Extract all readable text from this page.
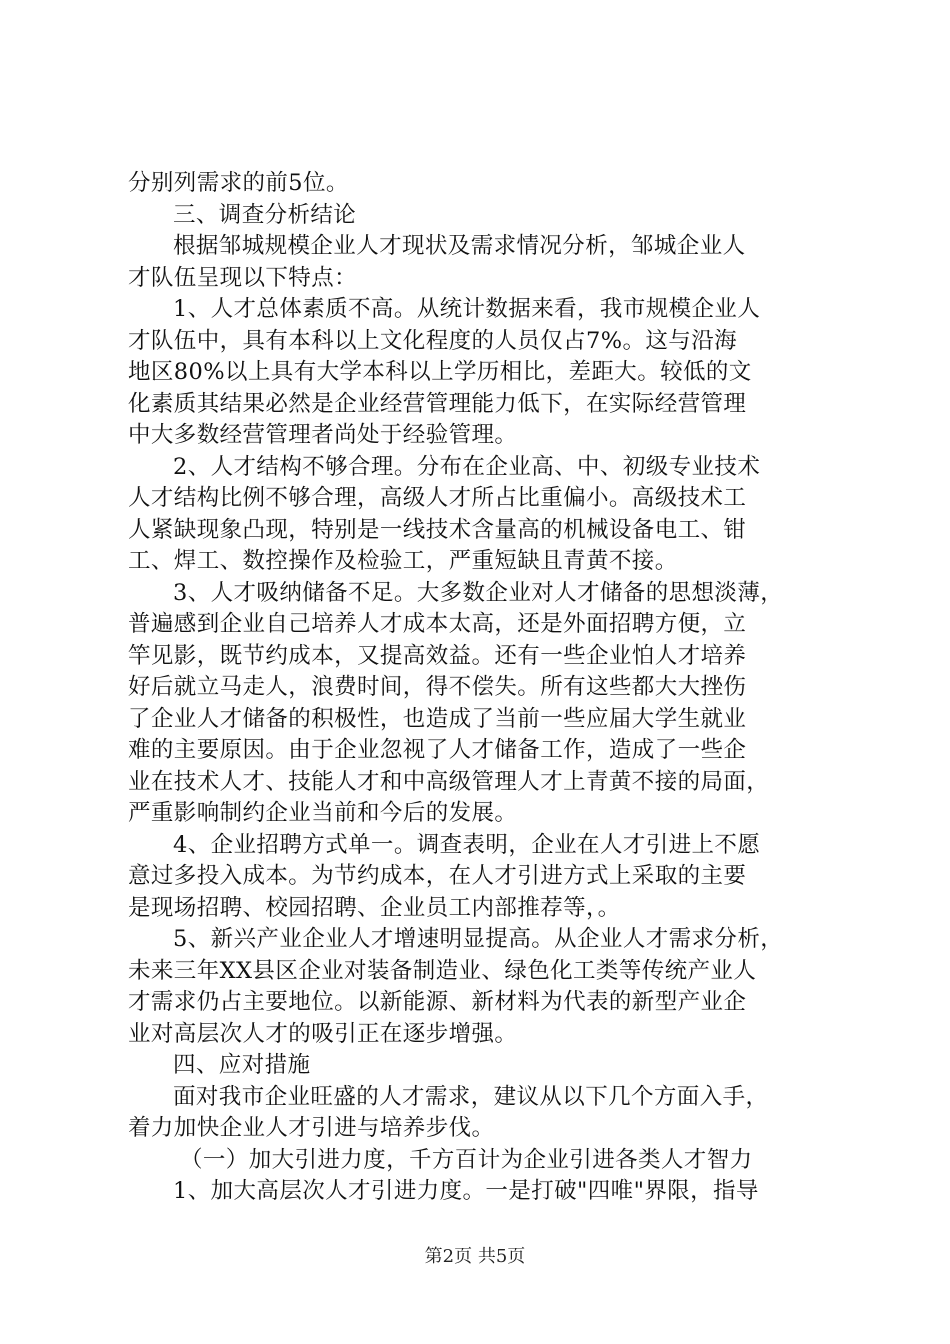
分别列需求的前5位。
三、调查分析结论
根据邹城规模企业人才现状及需求情况分析，邹城企业人
才队伍呈现以下特点：
1、人才总体素质不高。从统计数据来看，我市规模企业人
才队伍中，具有本科以上文化程度的人员仅占7%。这与沿海
地区80%以上具有大学本科以上学历相比，差距大。较低的文
化素质其结果必然是企业经营管理能力低下，在实际经营管理
中大多数经营管理者尚处于经验管理。
2、人才结构不够合理。分布在企业高、中、初级专业技术
人才结构比例不够合理，高级人才所占比重偏小。高级技术工
人紧缺现象凸现，特别是一线技术含量高的机械设备电工、钳
工、焊工、数控操作及检验工，严重短缺且青黄不接。
3、人才吸纳储备不足。大多数企业对人才储备的思想淡薄，
普遍感到企业自己培养人才成本太高，还是外面招聘方便，立
竿见影，既节约成本，又提高效益。还有一些企业怕人才培养
好后就立马走人，浪费时间，得不偿失。所有这些都大大挫伤
了企业人才储备的积极性，也造成了当前一些应届大学生就业
难的主要原因。由于企业忽视了人才储备工作，造成了一些企
业在技术人才、技能人才和中高级管理人才上青黄不接的局面，
严重影响制约企业当前和今后的发展。
4、企业招聘方式单一。调查表明，企业在人才引进上不愿
意过多投入成本。为节约成本，在人才引进方式上采取的主要
是现场招聘、校园招聘、企业员工内部推荐等，。
5、新兴产业企业人才增速明显提高。从企业人才需求分析，
未来三年XX县区企业对装备制造业、绿色化工类等传统产业人
才需求仍占主要地位。以新能源、新材料为代表的新型产业企
业对高层次人才的吸引正在逐步增强。
四、应对措施
面对我市企业旺盛的人才需求，建议从以下几个方面入手，
着力加快企业人才引进与培养步伐。
（一）加大引进力度，千方百计为企业引进各类人才智力
1、加大高层次人才引进力度。一是打破"四唯"界限，指导
第2页 共5页
